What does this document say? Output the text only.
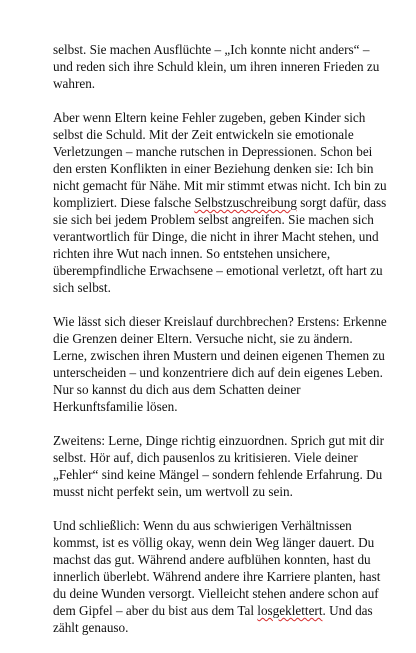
selbst. Sie machen Ausflüchte – „Ich konnte nicht anders“ –
und reden sich ihre Schuld klein, um ihren inneren Frieden zu
wahren.

Aber wenn Eltern keine Fehler zugeben, geben Kinder sich
selbst die Schuld. Mit der Zeit entwickeln sie emotionale
Verletzungen – manche rutschen in Depressionen. Schon bei
den ersten Konflikten in einer Beziehung denken sie: Ich bin
nicht gemacht für Nähe. Mit mir stimmt etwas nicht. Ich bin zu
kompliziert. Diese falsche Selbstzuschreibung sorgt dafür, dass
sie sich bei jedem Problem selbst angreifen. Sie machen sich
verantwortlich für Dinge, die nicht in ihrer Macht stehen, und
richten ihre Wut nach innen. So entstehen unsichere,
überempfindliche Erwachsene – emotional verletzt, oft hart zu
sich selbst.

Wie lässt sich dieser Kreislauf durchbrechen? Erstens: Erkenne
die Grenzen deiner Eltern. Versuche nicht, sie zu ändern.
Lerne, zwischen ihren Mustern und deinen eigenen Themen zu
unterscheiden – und konzentriere dich auf dein eigenes Leben.
Nur so kannst du dich aus dem Schatten deiner
Herkunftsfamilie lösen.

Zweitens: Lerne, Dinge richtig einzuordnen. Sprich gut mit dir
selbst. Hör auf, dich pausenlos zu kritisieren. Viele deiner
„Fehler“ sind keine Mängel – sondern fehlende Erfahrung. Du
musst nicht perfekt sein, um wertvoll zu sein.

Und schließlich: Wenn du aus schwierigen Verhältnissen
kommst, ist es völlig okay, wenn dein Weg länger dauert. Du
machst das gut. Während andere aufblühen konnten, hast du
innerlich überlebt. Während andere ihre Karriere planten, hast
du deine Wunden versorgt. Vielleicht stehen andere schon auf
dem Gipfel – aber du bist aus dem Tal losgeklettert. Und das
zählt genauso.
